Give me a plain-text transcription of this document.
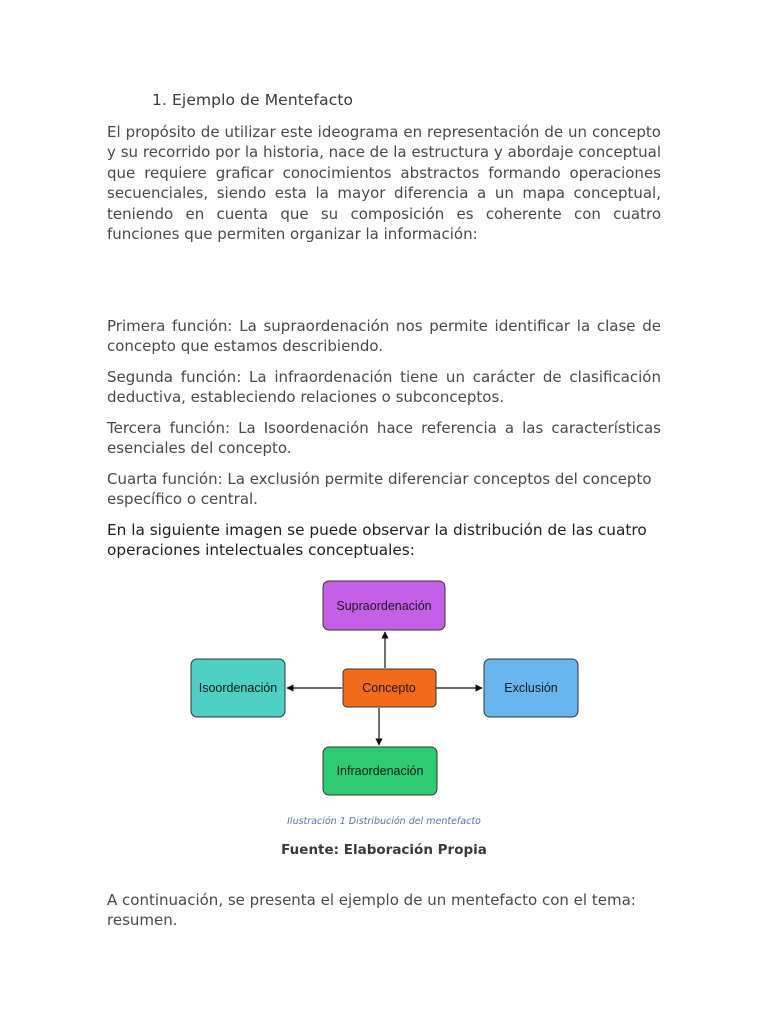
1. Ejemplo de Mentefacto

El propósito de utilizar este ideograma en representación de un concepto y su recorrido por la historia, nace de la estructura y abordaje conceptual que requiere graficar conocimientos abstractos formando operaciones secuenciales, siendo esta la mayor diferencia a un mapa conceptual, teniendo en cuenta que su composición es coherente con cuatro funciones que permiten organizar la información:

Primera función: La supraordenación nos permite identificar la clase de concepto que estamos describiendo.

Segunda función: La infraordenación tiene un carácter de clasificación deductiva, estableciendo relaciones o subconceptos.

Tercera función: La Isoordenación hace referencia a las características esenciales del concepto.

Cuarta función: La exclusión permite diferenciar conceptos del concepto específico o central.

En la siguiente imagen se puede observar la distribución de las cuatro operaciones intelectuales conceptuales:

Supraordenación
Isoordenación	Concepto	Exclusión
Infraordenación
Ilustración 1 Distribución del mentefacto
Fuente: Elaboración Propia

A continuación, se presenta el ejemplo de un mentefacto con el tema: resumen.
